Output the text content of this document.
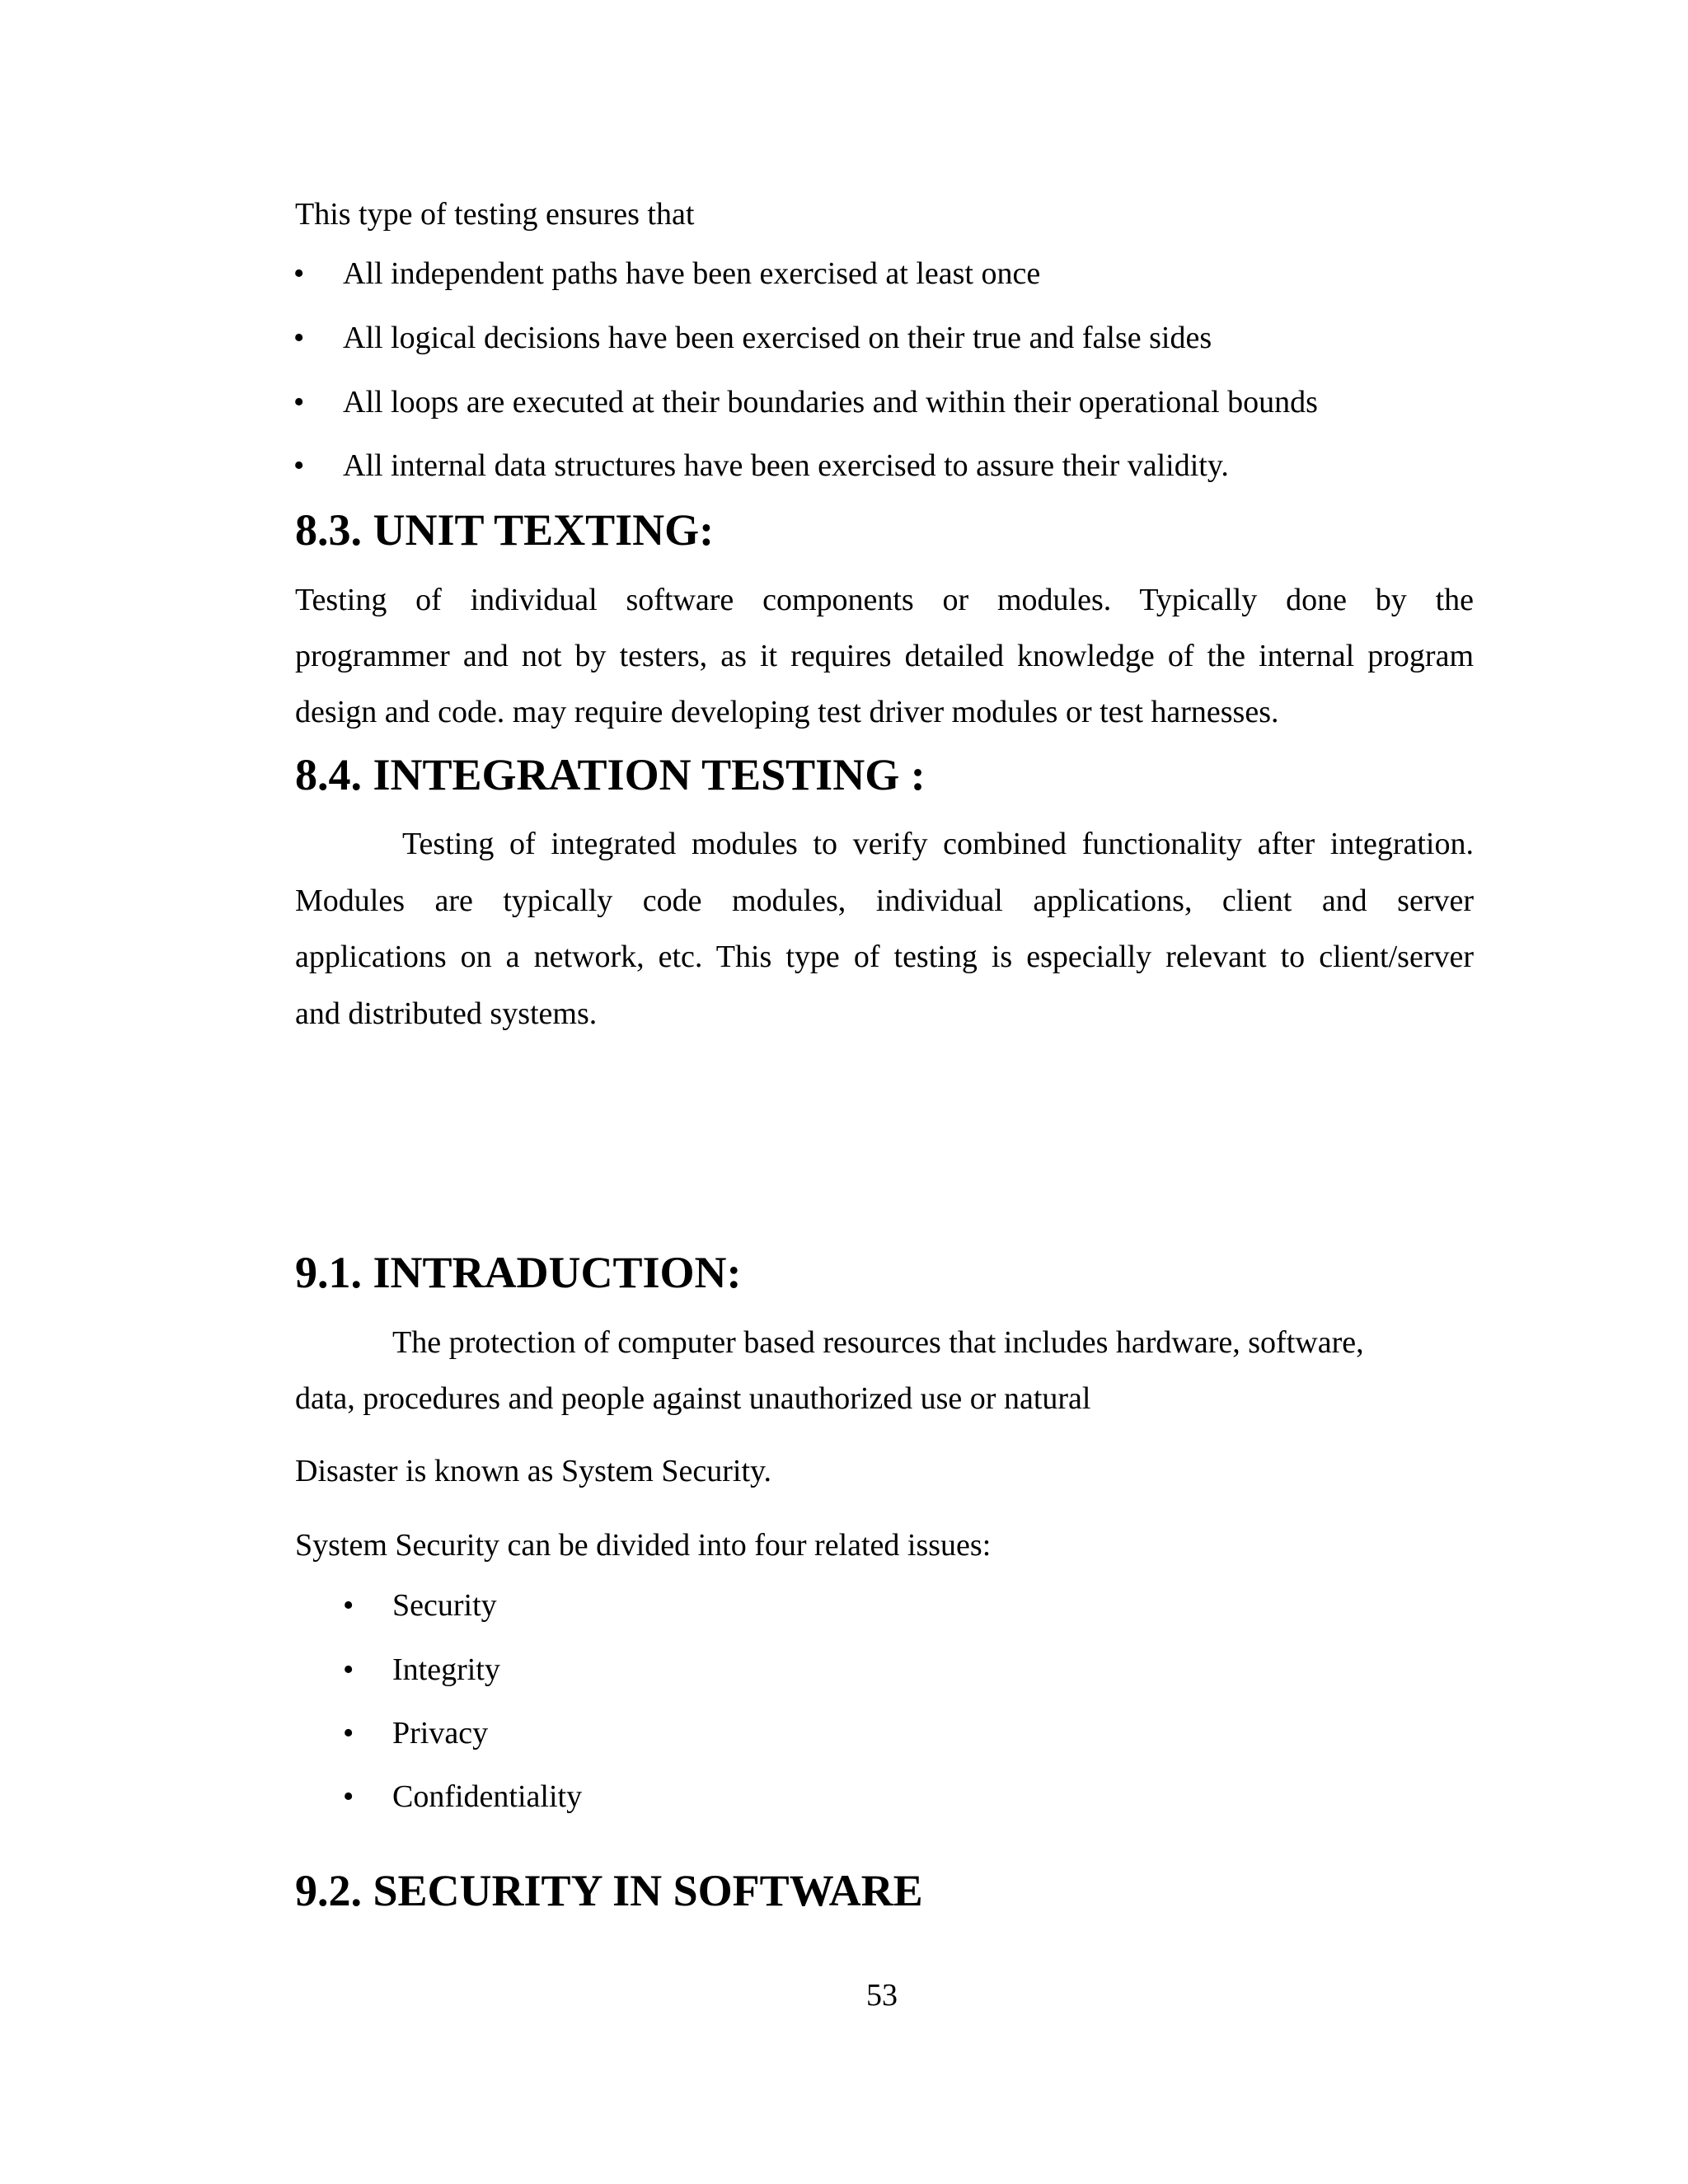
This type of testing ensures that

•	All independent paths have been exercised at least once
•	All logical decisions have been exercised on their true and false sides
•	All loops are executed at their boundaries and within their operational bounds
•	All internal data structures have been exercised to assure their validity.
8.3. UNIT TEXTING:

Testing of individual software components or modules. Typically done by the

programmer and not by testers, as it requires detailed knowledge of the internal program

design and code. may require developing test driver modules or test harnesses.

8.4. INTEGRATION TESTING :

Testing of integrated modules to verify combined functionality after integration.

Modules are typically code modules, individual applications, client and server

applications on a network, etc. This type of testing is especially relevant to client/server

and distributed systems.

9.1. INTRADUCTION:

The protection of computer based resources that includes hardware, software,

data, procedures and people against unauthorized use or natural

Disaster is known as System Security.

System Security can be divided into four related issues:

•	Security
•	Integrity
•	Privacy
•	Confidentiality
9.2. SECURITY IN SOFTWARE

53
